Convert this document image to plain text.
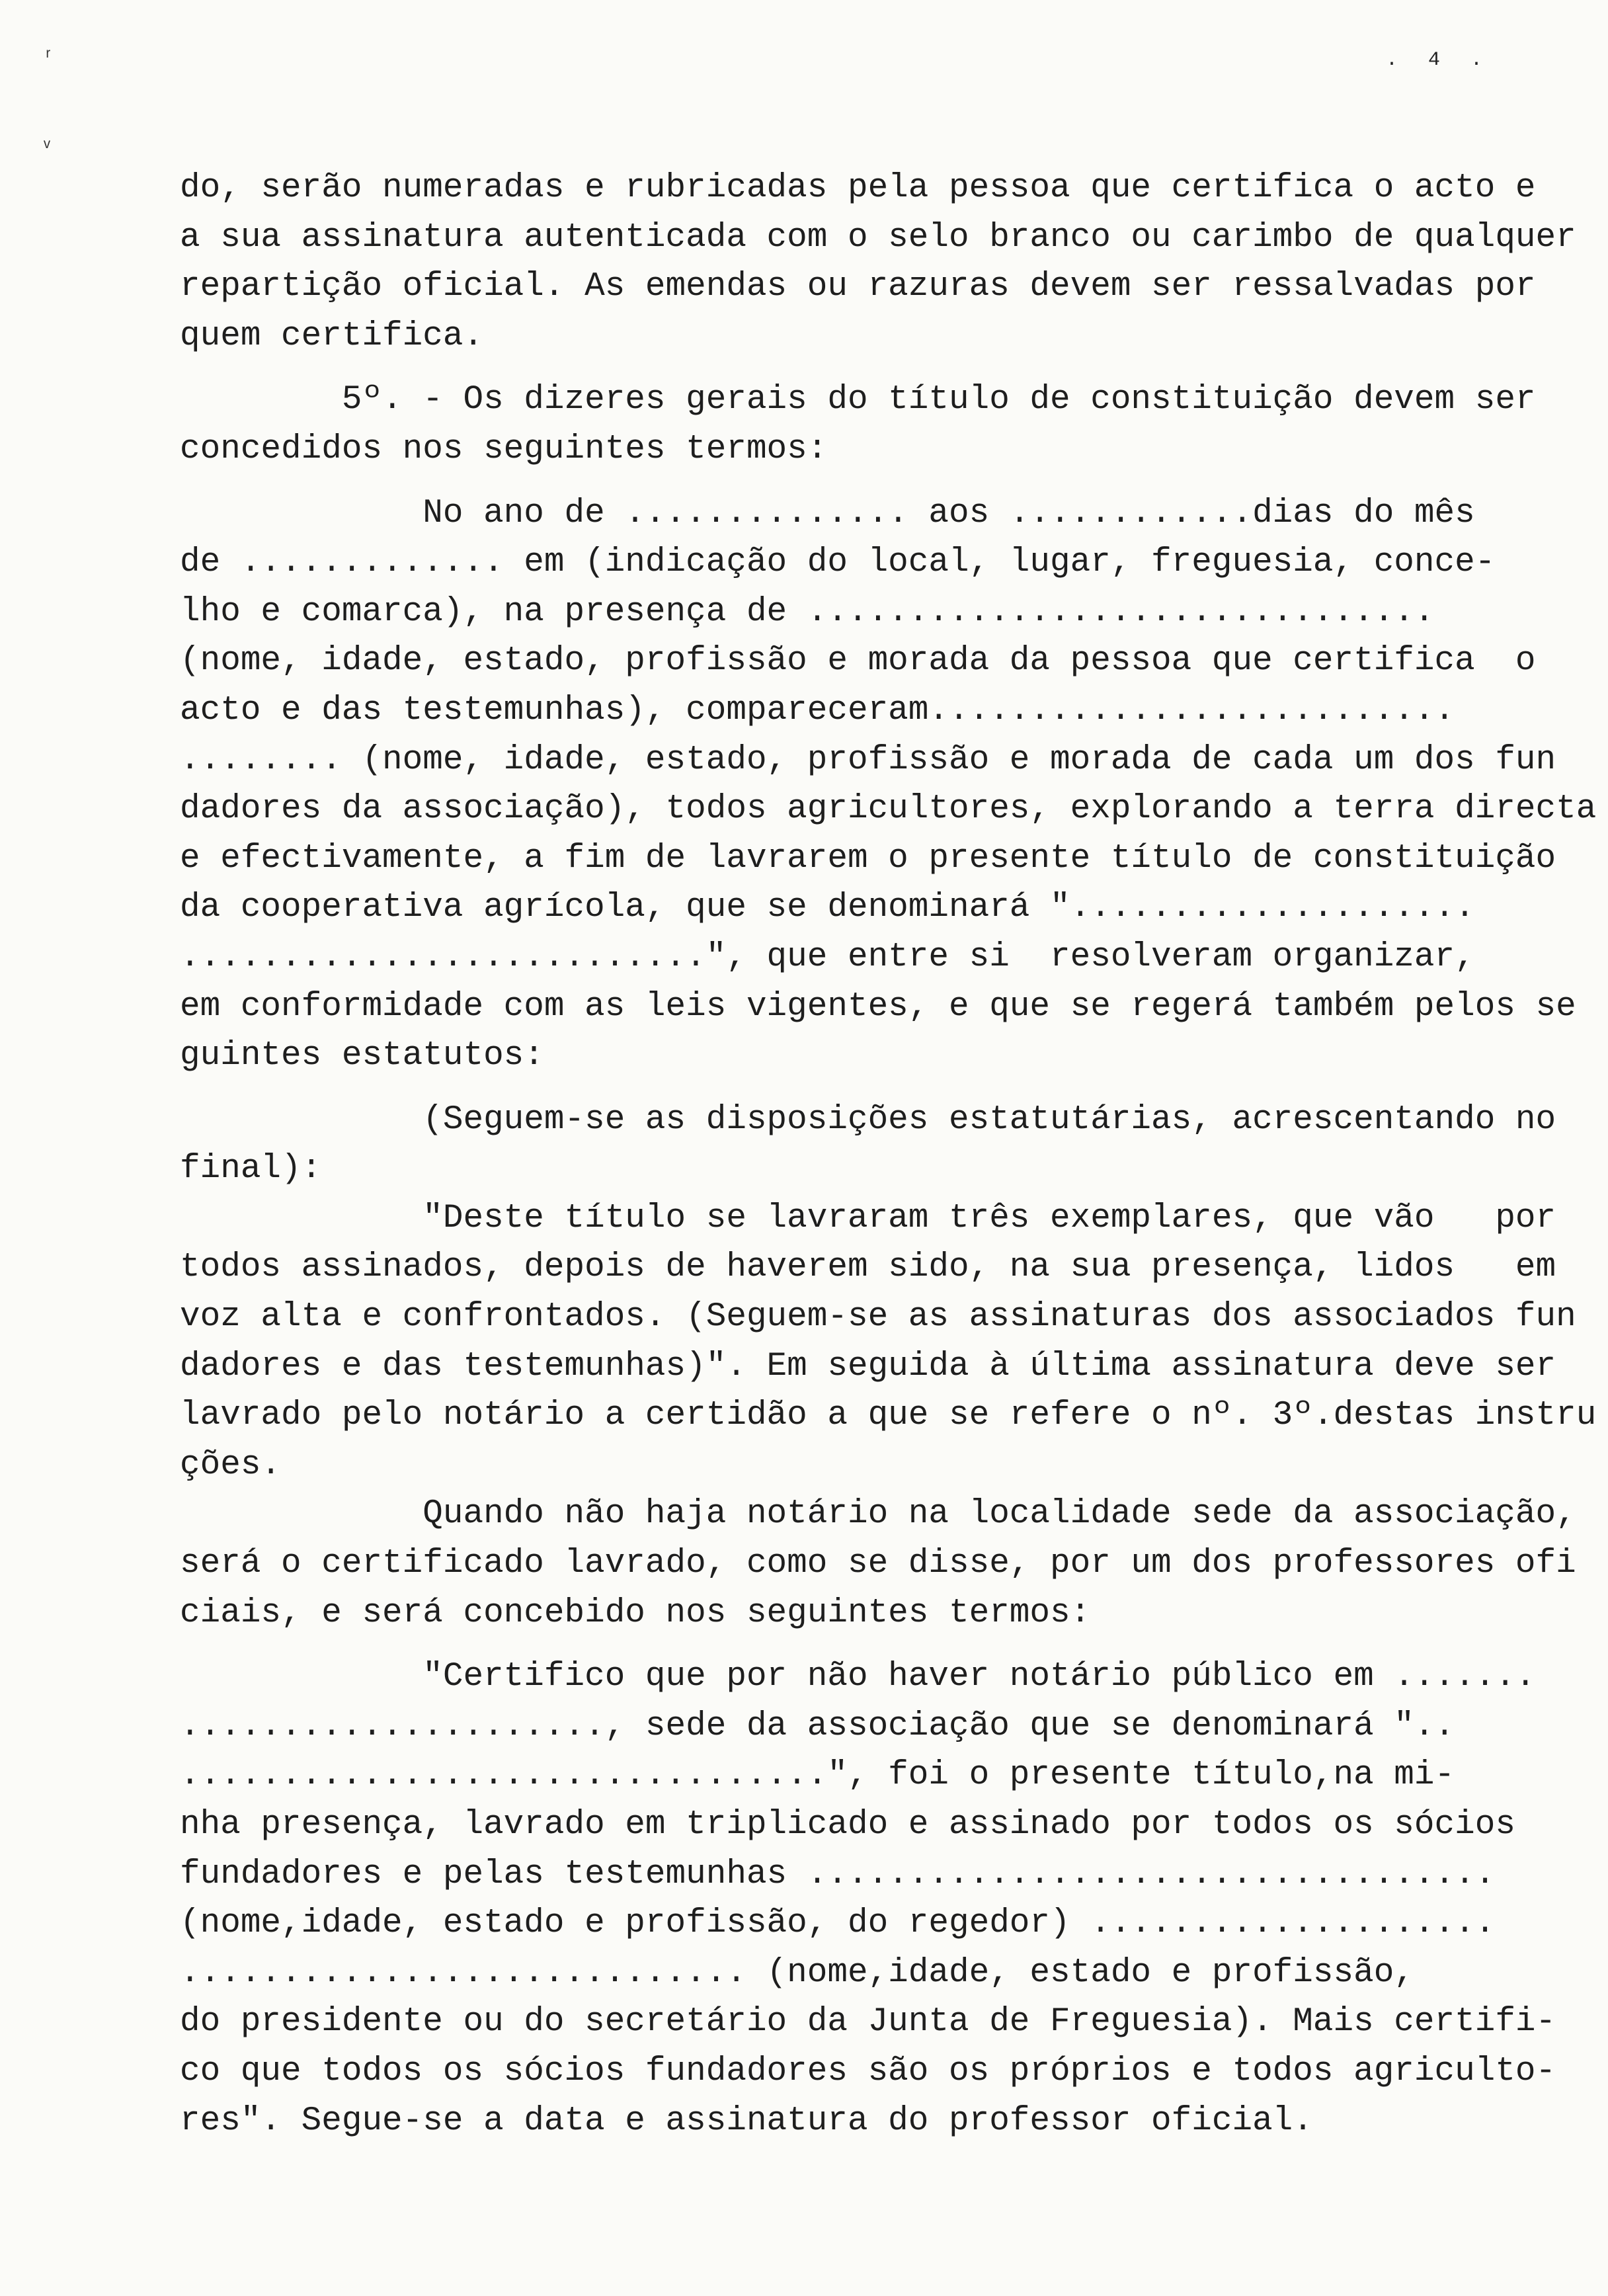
. 4 .
ʳ
ᵥ
do, serão numeradas e rubricadas pela pessoa que certifica o acto e
a sua assinatura autenticada com o selo branco ou carimbo de qualquer
repartição oficial. As emendas ou razuras devem ser ressalvadas por
quem certifica.
5º. - Os dizeres gerais do título de constituição devem ser
concedidos nos seguintes termos:
No ano de .............. aos ............dias do mês
de ............. em (indicação do local, lugar, freguesia, conce-
lho e comarca), na presença de ...............................
(nome, idade, estado, profissão e morada da pessoa que certifica  o
acto e das testemunhas), compareceram..........................
........ (nome, idade, estado, profissão e morada de cada um dos fun
dadores da associação), todos agricultores, explorando a terra directa
e efectivamente, a fim de lavrarem o presente título de constituição
da cooperativa agrícola, que se denominará "....................
..........................", que entre si  resolveram organizar,
em conformidade com as leis vigentes, e que se regerá também pelos se
guintes estatutos:
(Seguem-se as disposições estatutárias, acrescentando no
final):
"Deste título se lavraram três exemplares, que vão   por
todos assinados, depois de haverem sido, na sua presença, lidos   em
voz alta e confrontados. (Seguem-se as assinaturas dos associados fun
dadores e das testemunhas)". Em seguida à última assinatura deve ser
lavrado pelo notário a certidão a que se refere o nº. 3º.destas instru
ções.
Quando não haja notário na localidade sede da associação,
será o certificado lavrado, como se disse, por um dos professores ofi
ciais, e será concebido nos seguintes termos:
"Certifico que por não haver notário público em .......
....................., sede da associação que se denominará "..
................................", foi o presente título,na mi-
nha presença, lavrado em triplicado e assinado por todos os sócios
fundadores e pelas testemunhas ..................................
(nome,idade, estado e profissão, do regedor) ....................
............................ (nome,idade, estado e profissão,
do presidente ou do secretário da Junta de Freguesia). Mais certifi-
co que todos os sócios fundadores são os próprios e todos agriculto-
res". Segue-se a data e assinatura do professor oficial.
